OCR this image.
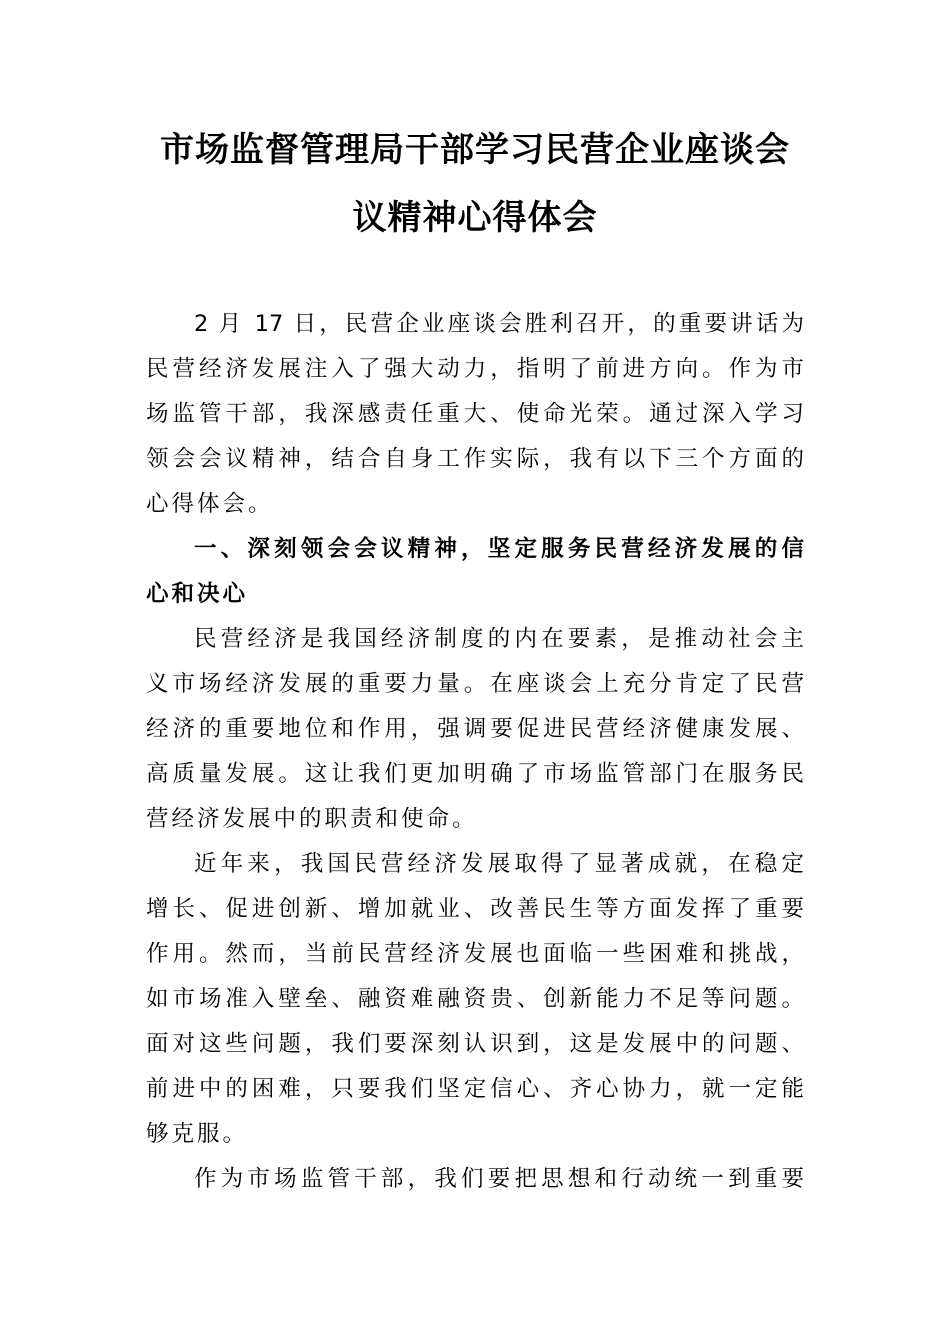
市场监督管理局干部学习民营企业座谈会
议精神心得体会
2 月 17 日，民营企业座谈会胜利召开，的重要讲话为
民营经济发展注入了强大动力，指明了前进方向。作为市
场监管干部，我深感责任重大、使命光荣。通过深入学习
领会会议精神，结合自身工作实际，我有以下三个方面的
心得体会。
一、深刻领会会议精神，坚定服务民营经济发展的信
心和决心
民营经济是我国经济制度的内在要素，是推动社会主
义市场经济发展的重要力量。在座谈会上充分肯定了民营
经济的重要地位和作用，强调要促进民营经济健康发展、
高质量发展。这让我们更加明确了市场监管部门在服务民
营经济发展中的职责和使命。
近年来，我国民营经济发展取得了显著成就，在稳定
增长、促进创新、增加就业、改善民生等方面发挥了重要
作用。然而，当前民营经济发展也面临一些困难和挑战，
如市场准入壁垒、融资难融资贵、创新能力不足等问题。
面对这些问题，我们要深刻认识到，这是发展中的问题、
前进中的困难，只要我们坚定信心、齐心协力，就一定能
够克服。
作为市场监管干部，我们要把思想和行动统一到重要
